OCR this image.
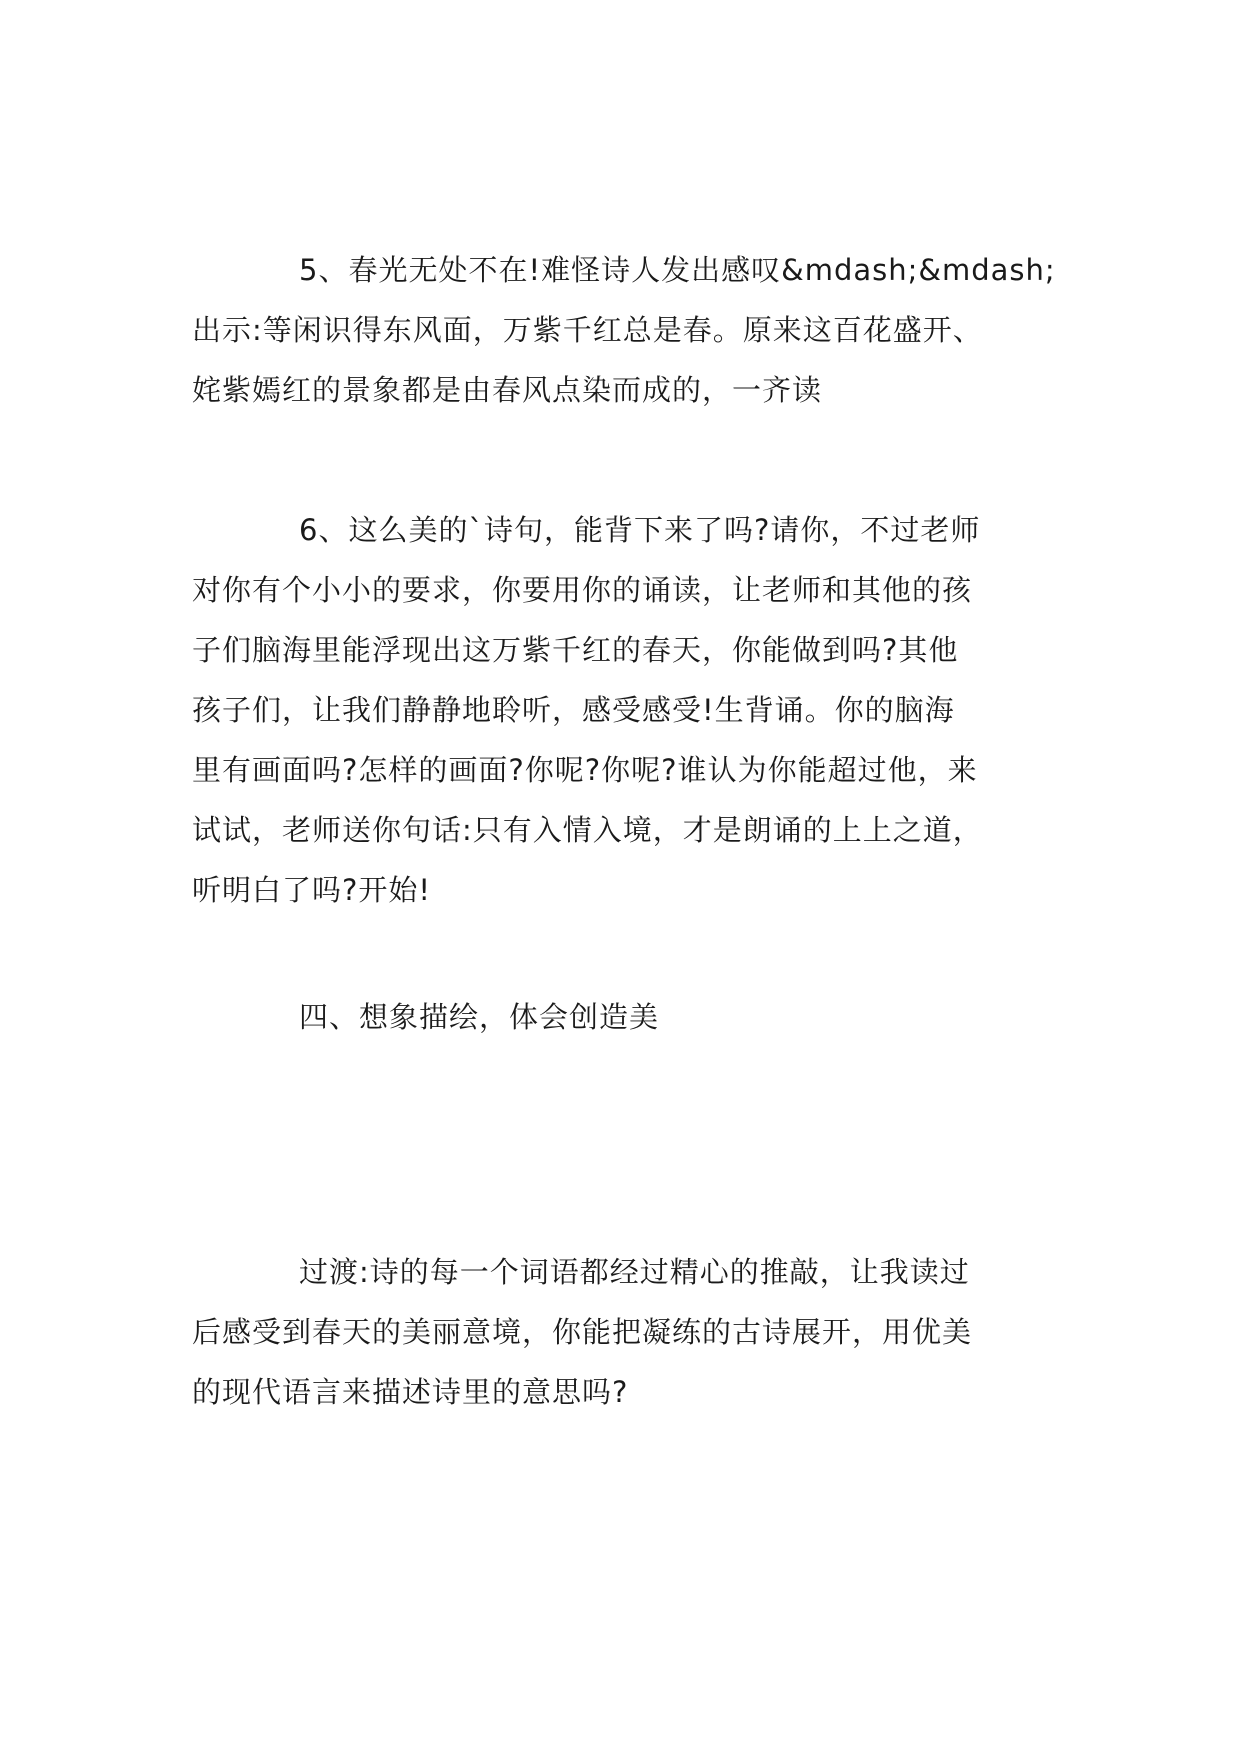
5、春光无处不在!难怪诗人发出感叹&mdash;&mdash;
出示:等闲识得东风面，万紫千红总是春。原来这百花盛开、
姹紫嫣红的景象都是由春风点染而成的，一齐读
6、这么美的`诗句，能背下来了吗?请你，不过老师
对你有个小小的要求，你要用你的诵读，让老师和其他的孩
子们脑海里能浮现出这万紫千红的春天，你能做到吗?其他
孩子们，让我们静静地聆听，感受感受!生背诵。你的脑海
里有画面吗?怎样的画面?你呢?你呢?谁认为你能超过他，来
试试，老师送你句话:只有入情入境，才是朗诵的上上之道，
听明白了吗?开始!
四、想象描绘，体会创造美
过渡:诗的每一个词语都经过精心的推敲，让我读过
后感受到春天的美丽意境，你能把凝练的古诗展开，用优美
的现代语言来描述诗里的意思吗?
